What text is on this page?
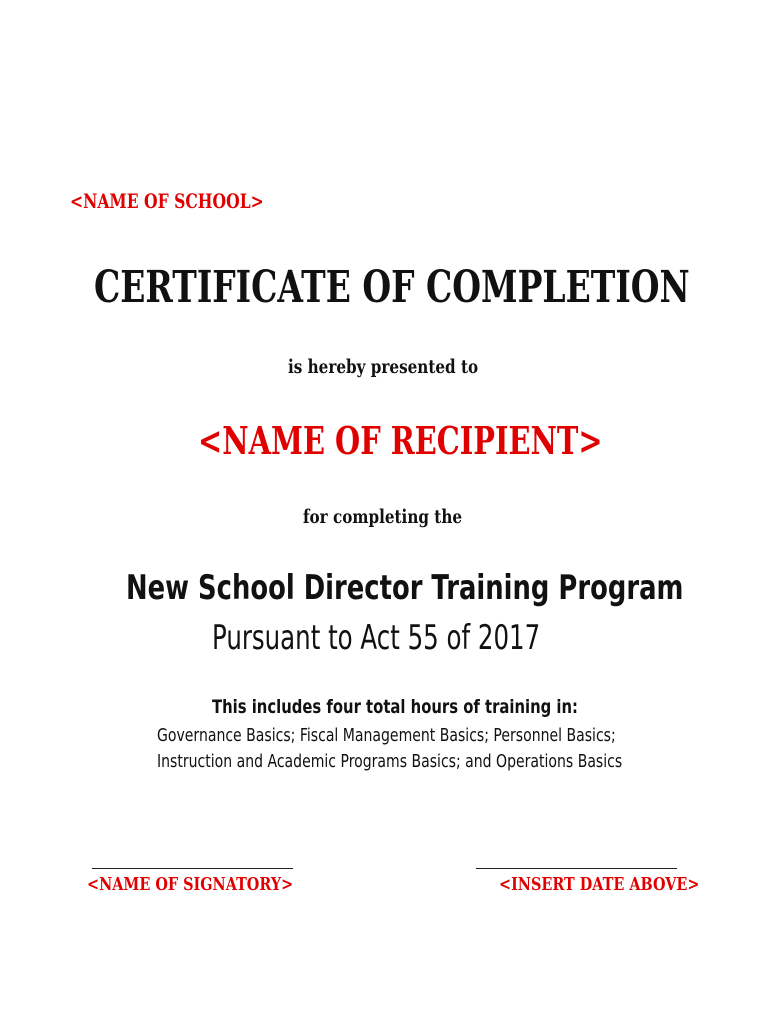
<NAME OF SCHOOL>
CERTIFICATE OF COMPLETION
is hereby presented to
<NAME OF RECIPIENT>
for completing the
New School Director Training Program
Pursuant to Act 55 of 2017
This includes four total hours of training in:
Governance Basics; Fiscal Management Basics; Personnel Basics;
Instruction and Academic Programs Basics; and Operations Basics
<NAME OF SIGNATORY>	<INSERT DATE ABOVE>
